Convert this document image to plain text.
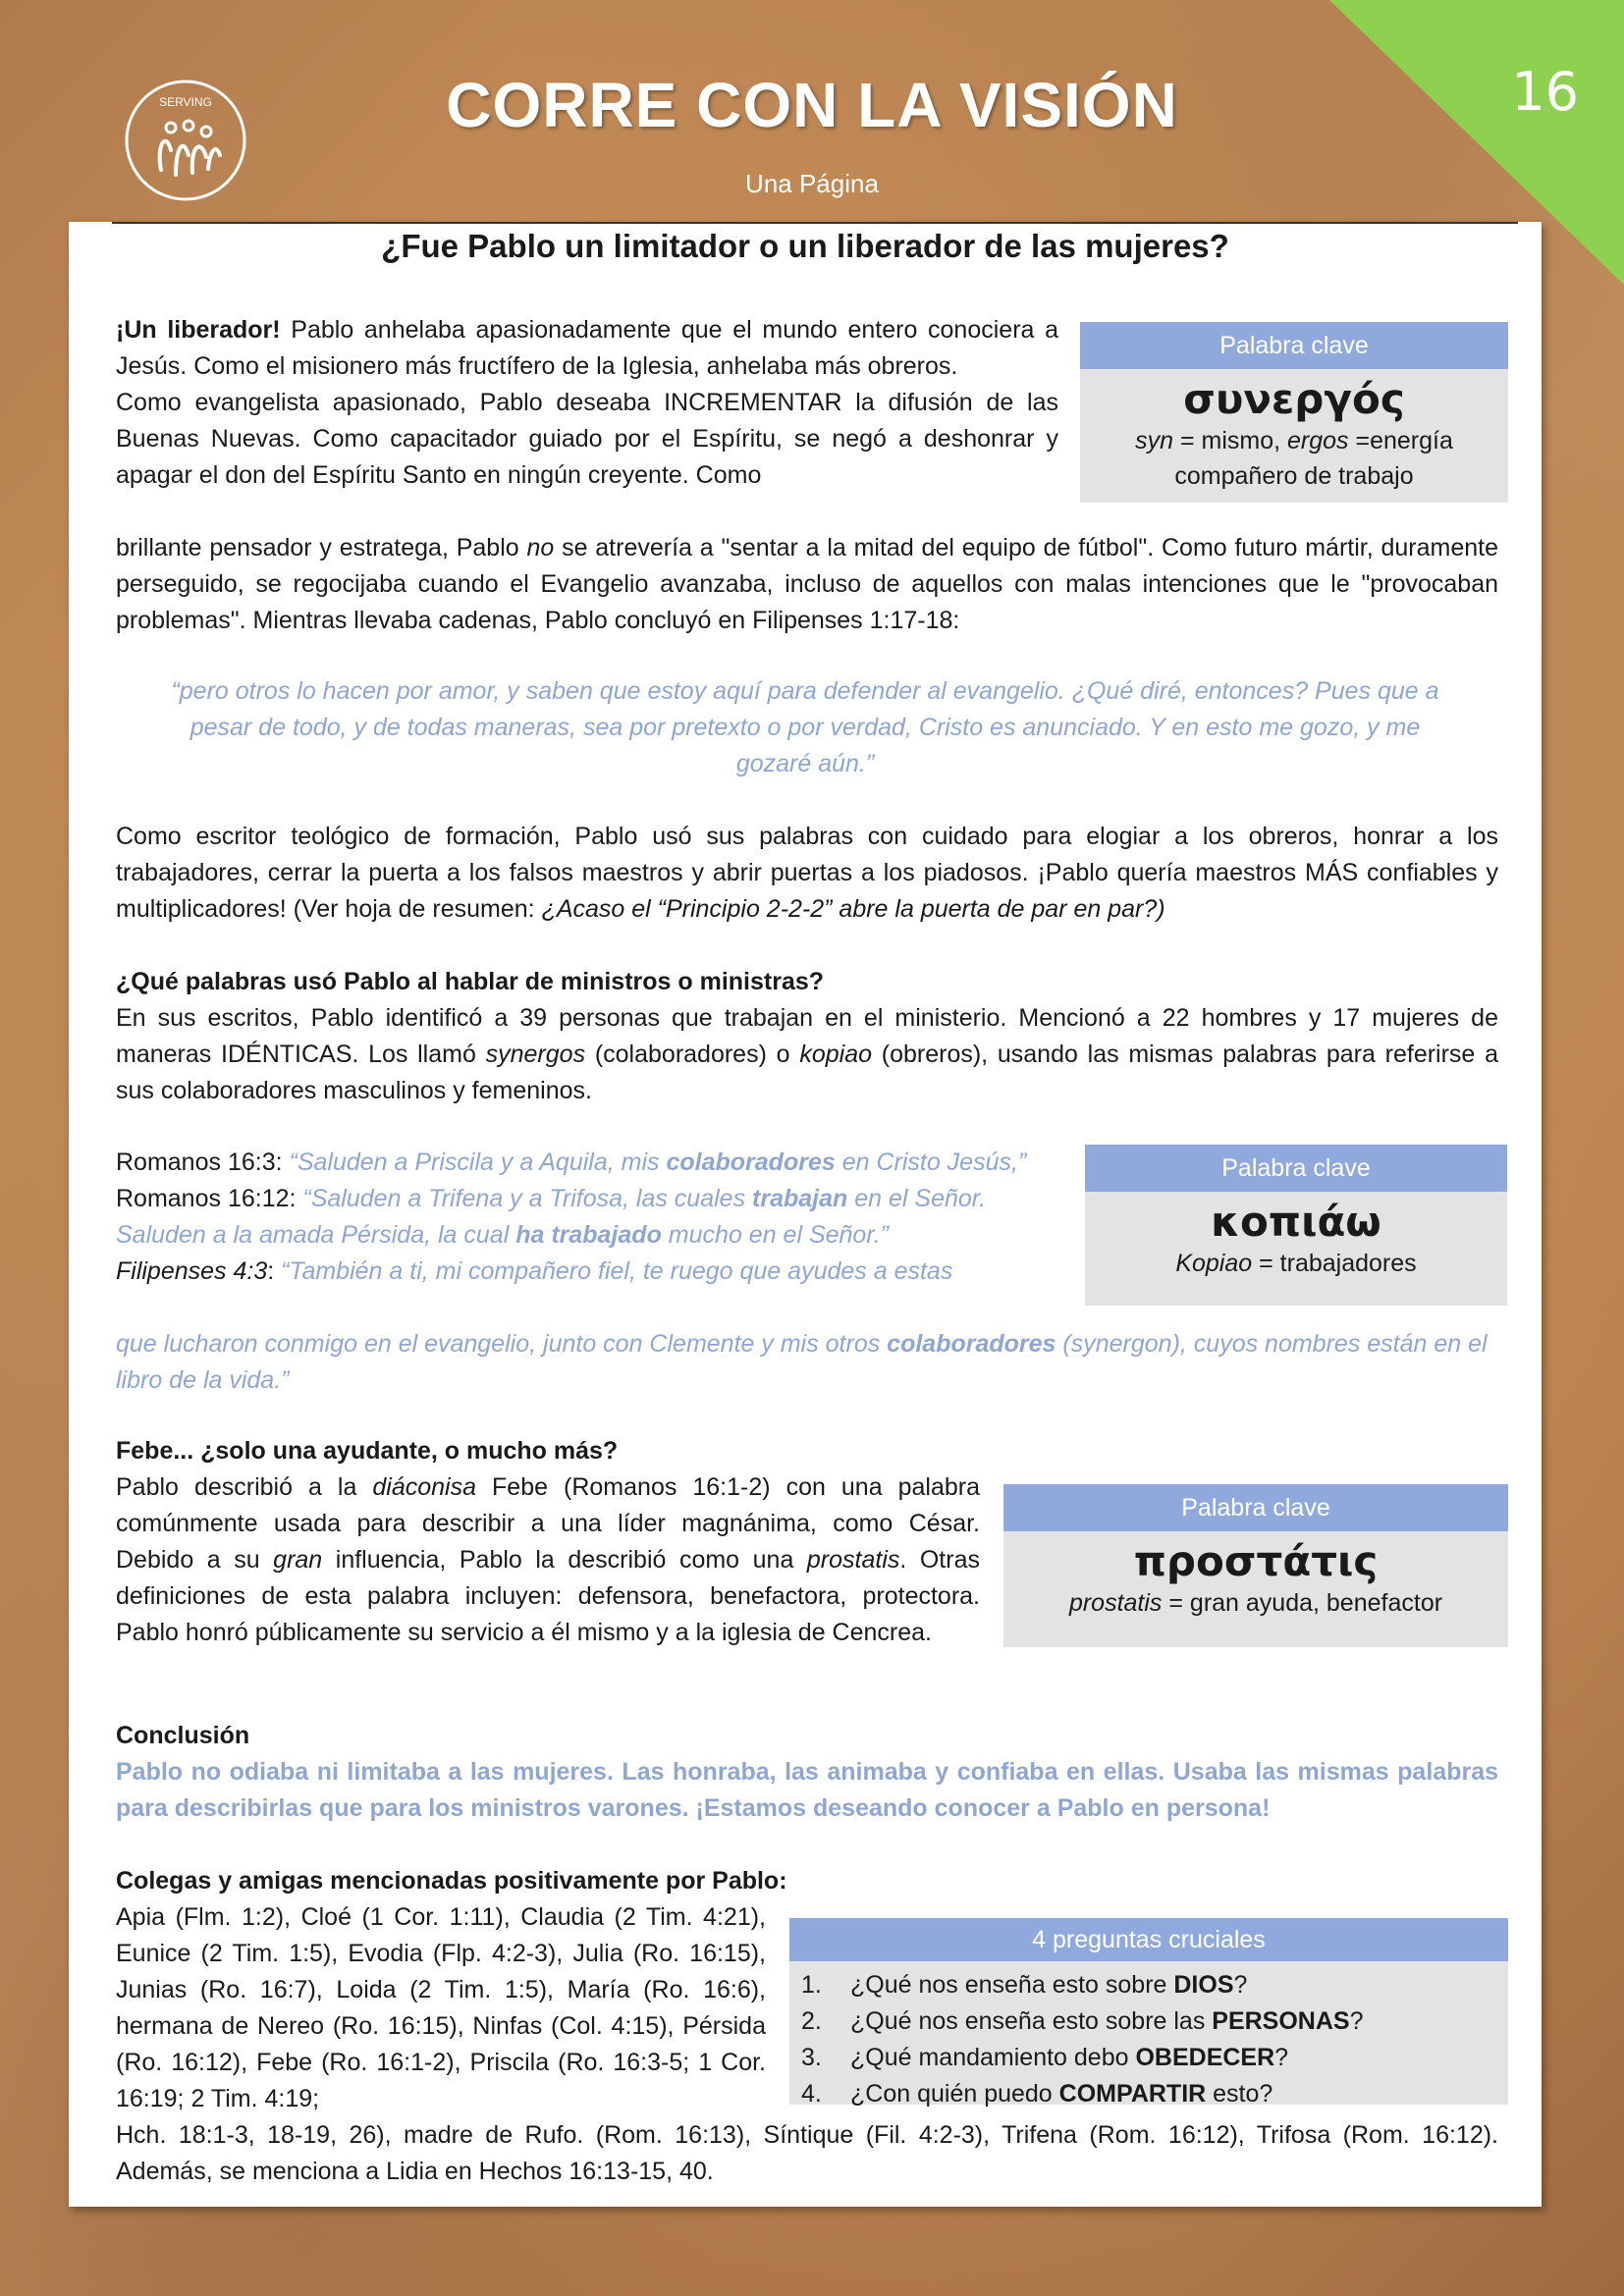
16
SERVING	CORRE CON LA VISIÓN
Una Página
¿Fue Pablo un limitador o un liberador de las mujeres?
¡Un liberador! Pablo anhelaba apasionadamente que el mundo entero conociera a Jesús. Como el misionero más fructífero de la Iglesia, anhelaba más obreros.
Como evangelista apasionado, Pablo deseaba INCREMENTAR la difusión de las Buenas Nuevas. Como capacitador guiado por el Espíritu, se negó a deshonrar y apagar el don del Espíritu Santo en ningún creyente. Como
brillante pensador y estratega, Pablo no se atrevería a "sentar a la mitad del equipo de fútbol". Como futuro mártir, duramente perseguido, se regocijaba cuando el Evangelio avanzaba, incluso de aquellos con malas intenciones que le "provocaban problemas". Mientras llevaba cadenas, Pablo concluyó en Filipenses 1:17-18:
Palabra clave
συνεργός
syn = mismo, ergos =energía
compañero de trabajo
“pero otros lo hacen por amor, y saben que estoy aquí para defender al evangelio. ¿Qué diré, entonces? Pues que a pesar de todo, y de todas maneras, sea por pretexto o por verdad, Cristo es anunciado. Y en esto me gozo, y me gozaré aún.”
Como escritor teológico de formación, Pablo usó sus palabras con cuidado para elogiar a los obreros, honrar a los trabajadores, cerrar la puerta a los falsos maestros y abrir puertas a los piadosos. ¡Pablo quería maestros MÁS confiables y multiplicadores! (Ver hoja de resumen: ¿Acaso el “Principio 2-2-2” abre la puerta de par en par?)
¿Qué palabras usó Pablo al hablar de ministros o ministras?
En sus escritos, Pablo identificó a 39 personas que trabajan en el ministerio. Mencionó a 22 hombres y 17 mujeres de maneras IDÉNTICAS. Los llamó synergos (colaboradores) o kopiao (obreros), usando las mismas palabras para referirse a sus colaboradores masculinos y femeninos.
Romanos 16:3: “Saluden a Priscila y a Aquila, mis colaboradores en Cristo Jesús,”
Romanos 16:12: “Saluden a Trifena y a Trifosa, las cuales trabajan en el Señor. Saluden a la amada Pérsida, la cual ha trabajado mucho en el Señor.”
Filipenses 4:3: “También a ti, mi compañero fiel, te ruego que ayudes a estas
que lucharon conmigo en el evangelio, junto con Clemente y mis otros colaboradores (synergon), cuyos nombres están en el libro de la vida.”
Palabra clave
κοπιάω
Kopiao = trabajadores
Febe... ¿solo una ayudante, o mucho más?
Pablo describió a la diáconisa Febe (Romanos 16:1-2) con una palabra comúnmente usada para describir a una líder magnánima, como César. Debido a su gran influencia, Pablo la describió como una prostatis. Otras definiciones de esta palabra incluyen: defensora, benefactora, protectora. Pablo honró públicamente su servicio a él mismo y a la iglesia de Cencrea.
Palabra clave
προστάτις
prostatis = gran ayuda, benefactor
Conclusión
Pablo no odiaba ni limitaba a las mujeres. Las honraba, las animaba y confiaba en ellas. Usaba las mismas palabras para describirlas que para los ministros varones. ¡Estamos deseando conocer a Pablo en persona!
Colegas y amigas mencionadas positivamente por Pablo:
Apia (Flm. 1:2), Cloé (1 Cor. 1:11), Claudia (2 Tim. 4:21), Eunice (2 Tim. 1:5), Evodia (Flp. 4:2-3), Julia (Ro. 16:15), Junias (Ro. 16:7), Loida (2 Tim. 1:5), María (Ro. 16:6), hermana de Nereo (Ro. 16:15), Ninfas (Col. 4:15), Pérsida (Ro. 16:12), Febe (Ro. 16:1-2), Priscila (Ro. 16:3-5; 1 Cor. 16:19; 2 Tim. 4:19;
Hch. 18:1-3, 18-19, 26), madre de Rufo. (Rom. 16:13), Síntique (Fil. 4:2-3), Trifena (Rom. 16:12), Trifosa (Rom. 16:12). Además, se menciona a Lidia en Hechos 16:13-15, 40.
4 preguntas cruciales
1. ¿Qué nos enseña esto sobre DIOS?
2. ¿Qué nos enseña esto sobre las PERSONAS?
3. ¿Qué mandamiento debo OBEDECER?
4. ¿Con quién puedo COMPARTIR esto?
